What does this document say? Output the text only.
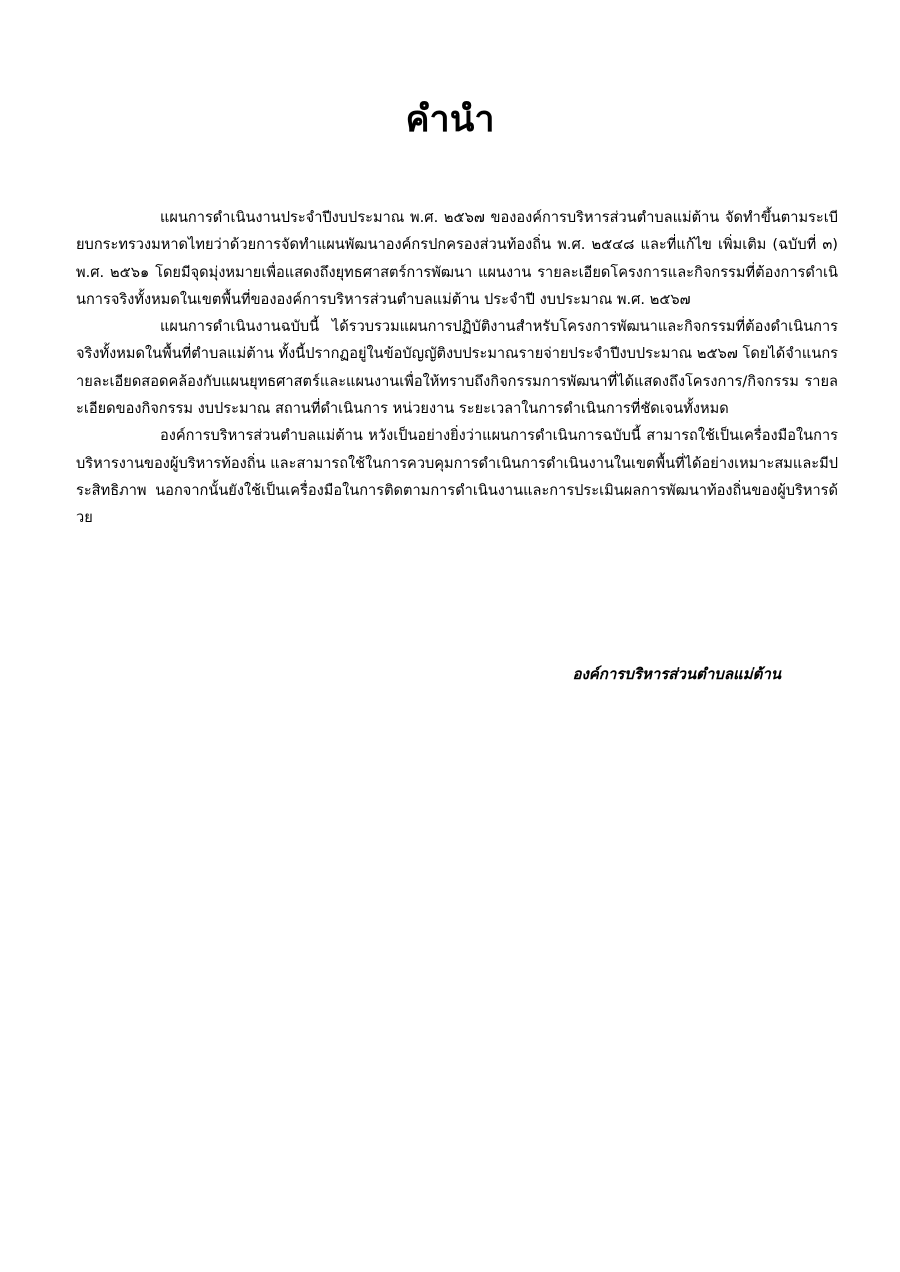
คำนำ

แผนการดำเนินงานประจำปีงบประมาณ พ.ศ. ๒๕๖๗ ขององค์การบริหารส่วนตำบลแม่ต้าน จัดทำขึ้นตามระเบียบกระทรวงมหาดไทยว่าด้วยการจัดทำแผนพัฒนาองค์กรปกครองส่วนท้องถิ่น พ.ศ. ๒๕๔๘ และที่แก้ไข เพิ่มเติม (ฉบับที่ ๓) พ.ศ. ๒๕๖๑ โดยมีจุดมุ่งหมายเพื่อแสดงถึงยุทธศาสตร์การพัฒนา แผนงาน รายละเอียดโครงการและกิจกรรมที่ต้องการดำเนินการจริงทั้งหมดในเขตพื้นที่ขององค์การบริหารส่วนตำบลแม่ต้าน ประจำปี งบประมาณ พ.ศ. ๒๕๖๗

แผนการดำเนินงานฉบับนี้ ได้รวบรวมแผนการปฏิบัติงานสำหรับโครงการพัฒนาและกิจกรรมที่ต้องดำเนินการจริงทั้งหมดในพื้นที่ตำบลแม่ต้าน ทั้งนี้ปรากฏอยู่ในข้อบัญญัติงบประมาณรายจ่ายประจำปีงบประมาณ ๒๕๖๗ โดยได้จำแนกรายละเอียดสอดคล้องกับแผนยุทธศาสตร์และแผนงานเพื่อให้ทราบถึงกิจกรรมการพัฒนาที่ได้แสดงถึงโครงการ/กิจกรรม รายละเอียดของกิจกรรม งบประมาณ สถานที่ดำเนินการ หน่วยงาน ระยะเวลาในการดำเนินการที่ชัดเจนทั้งหมด

องค์การบริหารส่วนตำบลแม่ต้าน หวังเป็นอย่างยิ่งว่าแผนการดำเนินการฉบับนี้ สามารถใช้เป็นเครื่องมือในการบริหารงานของผู้บริหารท้องถิ่น และสามารถใช้ในการควบคุมการดำเนินการดำเนินงานในเขตพื้นที่ได้อย่างเหมาะสมและมีประสิทธิภาพ นอกจากนั้นยังใช้เป็นเครื่องมือในการติดตามการดำเนินงานและการประเมินผลการพัฒนาท้องถิ่นของผู้บริหารด้วย

องค์การบริหารส่วนตำบลแม่ต้าน
